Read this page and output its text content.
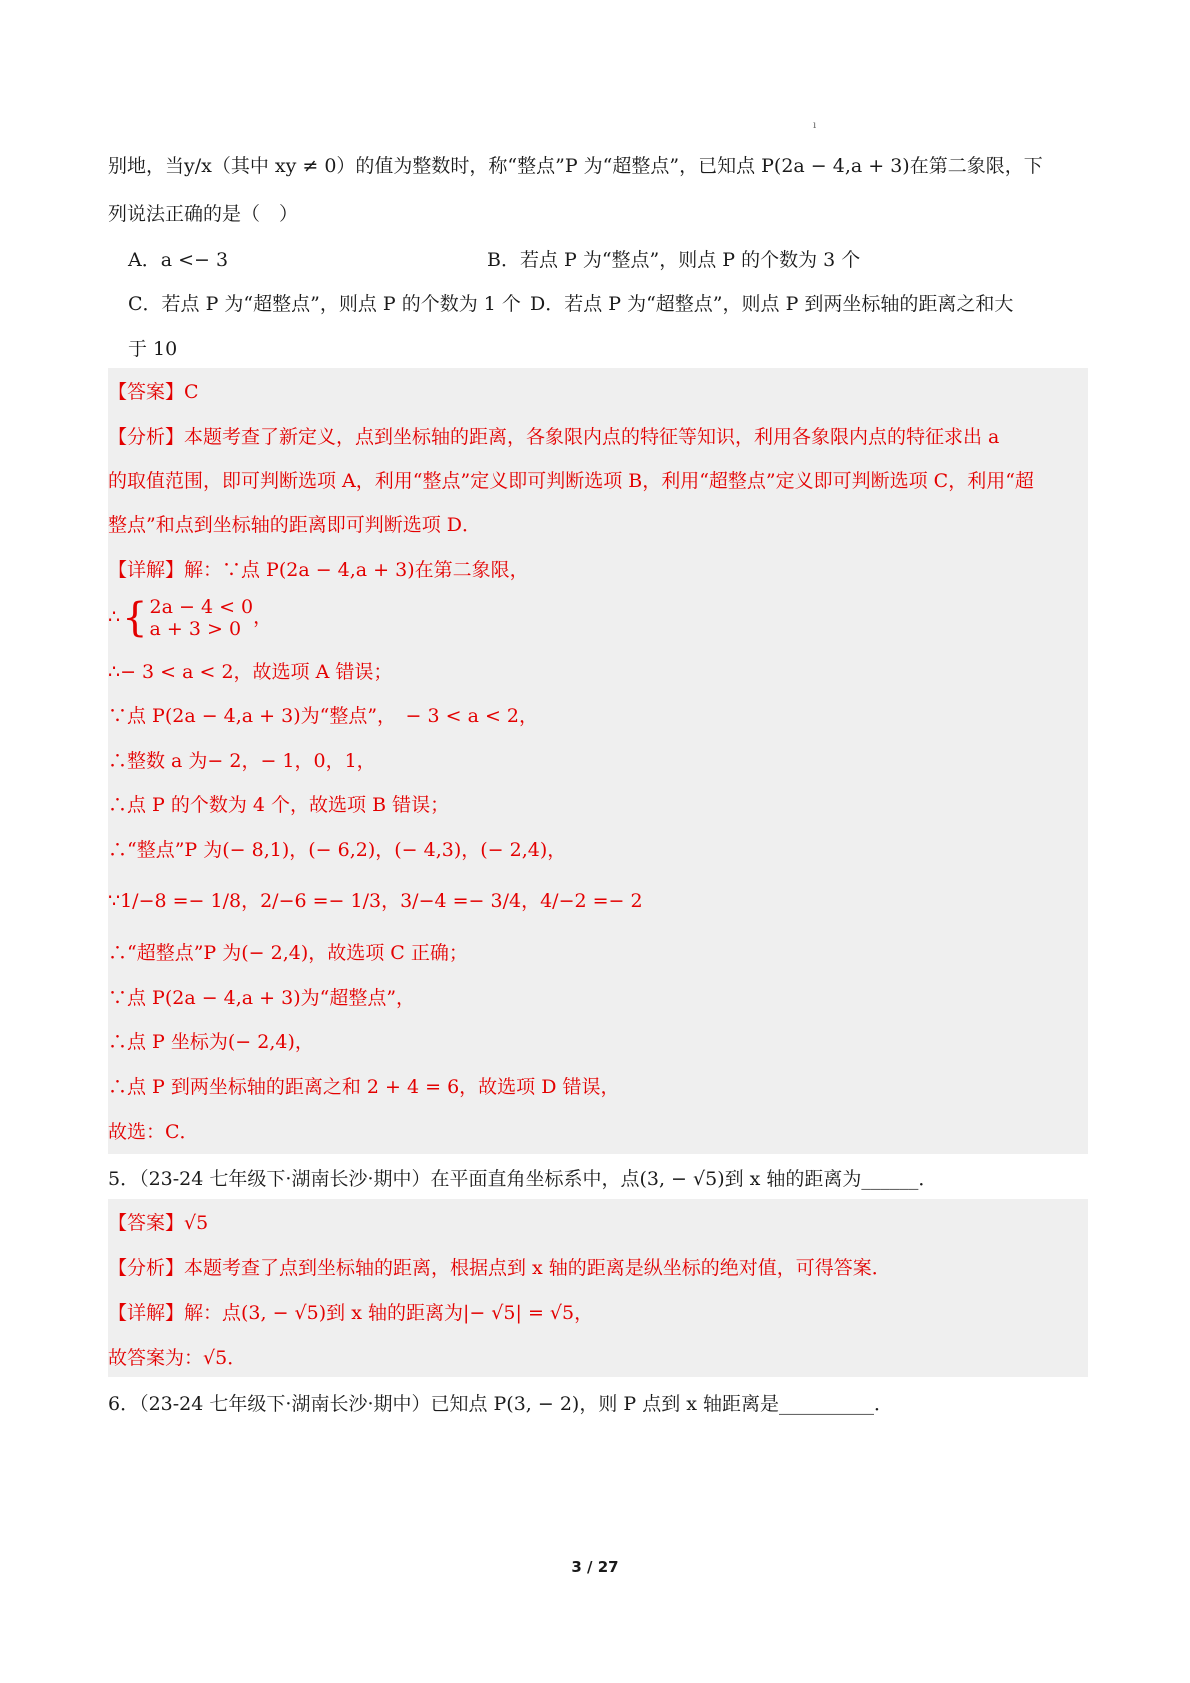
ı
别地，当y/x（其中 xy ≠ 0）的值为整数时，称“整点”P 为“超整点”，已知点 P(2a − 4,a + 3)在第二象限，下
列说法正确的是（　）
A．a <− 3	B．若点 P 为“整点”，则点 P 的个数为 3 个
C．若点 P 为“超整点”，则点 P 的个数为 1 个 D．若点 P 为“超整点”，则点 P 到两坐标轴的距离之和大
于 10
【答案】C
【分析】本题考查了新定义，点到坐标轴的距离，各象限内点的特征等知识，利用各象限内点的特征求出 a
的取值范围，即可判断选项 A，利用“整点”定义即可判断选项 B，利用“超整点”定义即可判断选项 C，利用“超
整点”和点到坐标轴的距离即可判断选项 D．
【详解】解：∵点 P(2a − 4,a + 3)在第二象限，
∴{ 2a − 4 < 0
a + 3 > 0
，
∴− 3 < a < 2，故选项 A 错误；
∵点 P(2a − 4,a + 3)为“整点”，　− 3 < a < 2，
∴整数 a 为− 2，− 1，0，1，
∴点 P 的个数为 4 个，故选项 B 错误；
∴“整点”P 为(− 8,1)，(− 6,2)，(− 4,3)，(− 2,4)，
∵1/−8 =− 1/8，2/−6 =− 1/3，3/−4 =− 3/4，4/−2 =− 2
∴“超整点”P 为(− 2,4)，故选项 C 正确；
∵点 P(2a − 4,a + 3)为“超整点”，
∴点 P 坐标为(− 2,4)，
∴点 P 到两坐标轴的距离之和 2 + 4 = 6，故选项 D 错误，
故选：C．
5．（23-24 七年级下·湖南长沙·期中）在平面直角坐标系中，点(3, − √5)到 x 轴的距离为______．
【答案】√5
【分析】本题考查了点到坐标轴的距离，根据点到 x 轴的距离是纵坐标的绝对值，可得答案．
【详解】解：点(3, − √5)到 x 轴的距离为|− √5| = √5，
故答案为：√5．
6．（23-24 七年级下·湖南长沙·期中）已知点 P(3, − 2)，则 P 点到 x 轴距离是__________．
3 / 27
